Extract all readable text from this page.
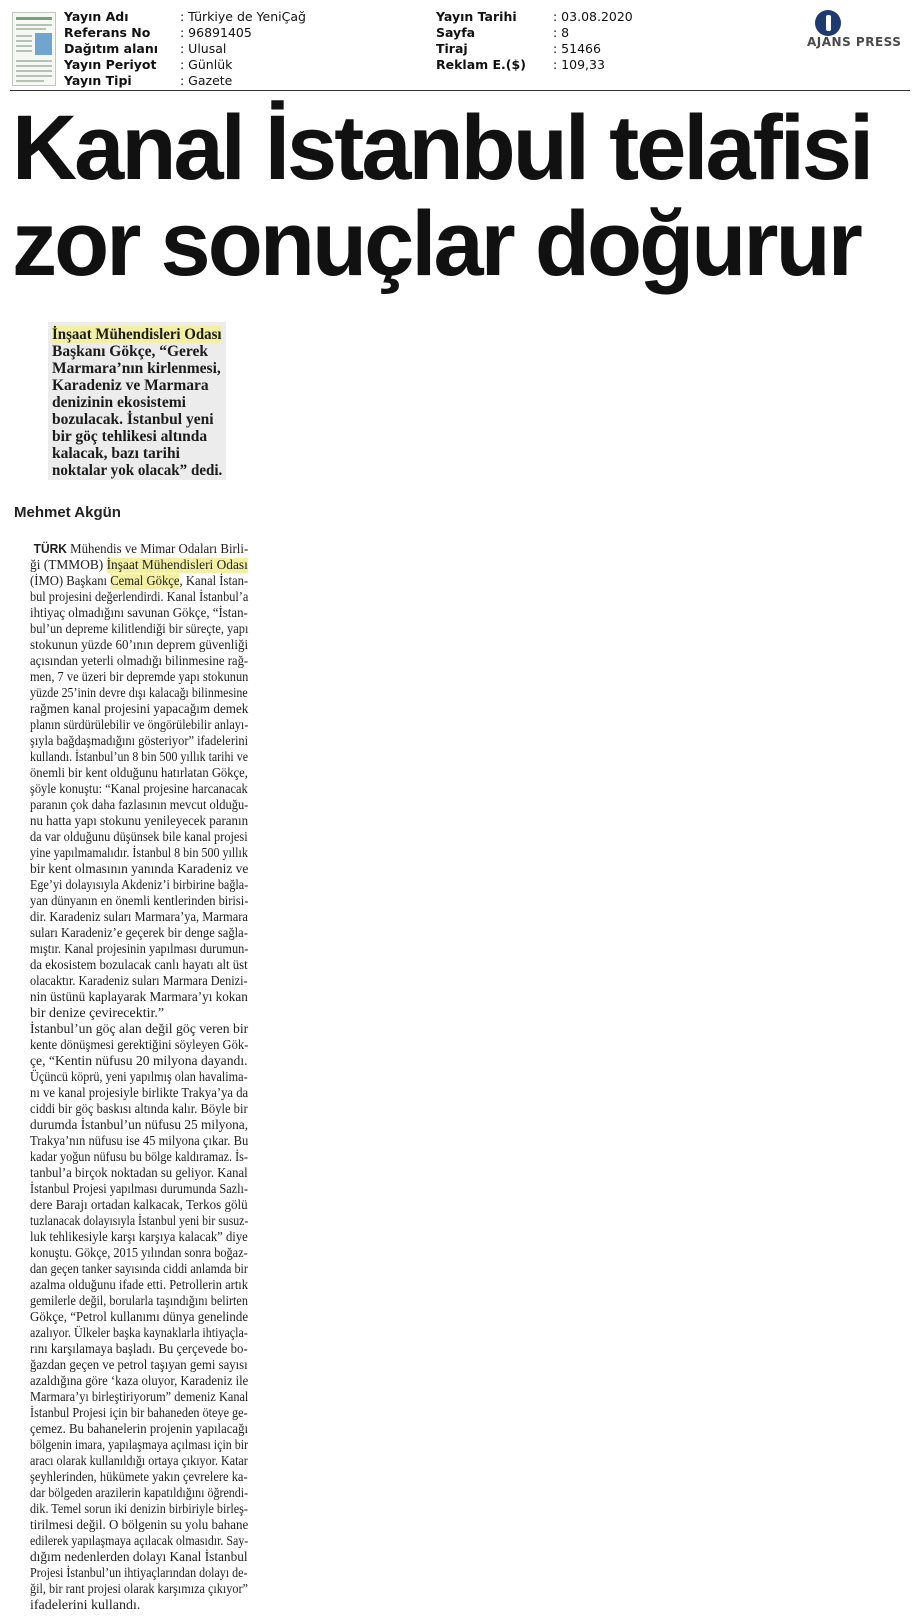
Yayın Adı	: Türkiye de YeniÇağ
Referans No : 96891405
Dağıtım alanı : Ulusal
Yayın Periyot : Günlük
Yayın Tipi	: Gazete
Yayın Tarihi	: 03.08.2020
Sayfa	: 8
Tiraj	: 51466
Reklam E.($) : 109,33
AJANS PRESS
Kanal İstanbul telafisi
zor sonuçlar doğurur
İnşaat Mühendisleri Odası
Başkanı Gökçe, “Gerek
Marmara’nın kirlenmesi,
Karadeniz ve Marmara
denizinin ekosistemi
bozulacak. İstanbul yeni
bir göç tehlikesi altında
kalacak, bazı tarihi
noktalar yok olacak” dedi.
Mehmet Akgün
TÜRK Mühendis ve Mimar Odaları Birli-
ği (TMMOB) İnşaat Mühendisleri Odası
(İMO) Başkanı Cemal Gökçe, Kanal İstan-
bul projesini değerlendirdi. Kanal İstanbul’a
ihtiyaç olmadığını savunan Gökçe, “İstan-
bul’un depreme kilitlendiği bir süreçte, yapı
stokunun yüzde 60’ının deprem güvenliği
açısından yeterli olmadığı bilinmesine rağ-
men, 7 ve üzeri bir depremde yapı stokunun
yüzde 25’inin devre dışı kalacağı bilinmesine
rağmen kanal projesini yapacağım demek
planın sürdürülebilir ve öngörülebilir anlayı-
şıyla bağdaşmadığını gösteriyor” ifadelerini
kullandı. İstanbul’un 8 bin 500 yıllık tarihi ve
önemli bir kent olduğunu hatırlatan Gökçe,
şöyle konuştu: “Kanal projesine harcanacak
paranın çok daha fazlasının mevcut olduğu-
nu hatta yapı stokunu yenileyecek paranın
da var olduğunu düşünsek bile kanal projesi
yine yapılmamalıdır. İstanbul 8 bin 500 yıllık
bir kent olmasının yanında Karadeniz ve
Ege’yi dolayısıyla Akdeniz’i birbirine bağla-
yan dünyanın en önemli kentlerinden birisi-
dir. Karadeniz suları Marmara’ya, Marmara
suları Karadeniz’e geçerek bir denge sağla-
mıştır. Kanal projesinin yapılması durumun-
da ekosistem bozulacak canlı hayatı alt üst
olacaktır. Karadeniz suları Marmara Denizi-
nin üstünü kaplayarak Marmara’yı kokan
bir denize çevirecektir.”
İstanbul’un göç alan değil göç veren bir
kente dönüşmesi gerektiğini söyleyen Gök-
çe, “Kentin nüfusu 20 milyona dayandı.
Üçüncü köprü, yeni yapılmış olan havalima-
nı ve kanal projesiyle birlikte Trakya’ya da
ciddi bir göç baskısı altında kalır. Böyle bir
durumda İstanbul’un nüfusu 25 milyona,
Trakya’nın nüfusu ise 45 milyona çıkar. Bu
kadar yoğun nüfusu bu bölge kaldıramaz. İs-
tanbul’a birçok noktadan su geliyor. Kanal
İstanbul Projesi yapılması durumunda Sazlı-
dere Barajı ortadan kalkacak, Terkos gölü
tuzlanacak dolayısıyla İstanbul yeni bir susuz-
luk tehlikesiyle karşı karşıya kalacak” diye
konuştu. Gökçe, 2015 yılından sonra boğaz-
dan geçen tanker sayısında ciddi anlamda bir
azalma olduğunu ifade etti. Petrollerin artık
gemilerle değil, borularla taşındığını belirten
Gökçe, “Petrol kullanımı dünya genelinde
azalıyor. Ülkeler başka kaynaklarla ihtiyaçla-
rını karşılamaya başladı. Bu çerçevede bo-
ğazdan geçen ve petrol taşıyan gemi sayısı
azaldığına göre ‘kaza oluyor, Karadeniz ile
Marmara’yı birleştiriyorum” demeniz Kanal
İstanbul Projesi için bir bahaneden öteye ge-
çemez. Bu bahanelerin projenin yapılacağı
bölgenin imara, yapılaşmaya açılması için bir
aracı olarak kullanıldığı ortaya çıkıyor. Katar
şeyhlerinden, hükümete yakın çevrelere ka-
dar bölgeden arazilerin kapatıldığını öğrendi-
dik. Temel sorun iki denizin birbiriyle birleş-
tirilmesi değil. O bölgenin su yolu bahane
edilerek yapılaşmaya açılacak olmasıdır. Say-
dığım nedenlerden dolayı Kanal İstanbul
Projesi İstanbul’un ihtiyaçlarından dolayı de-
ğil, bir rant projesi olarak karşımıza çıkıyor”
ifadelerini kullandı.
